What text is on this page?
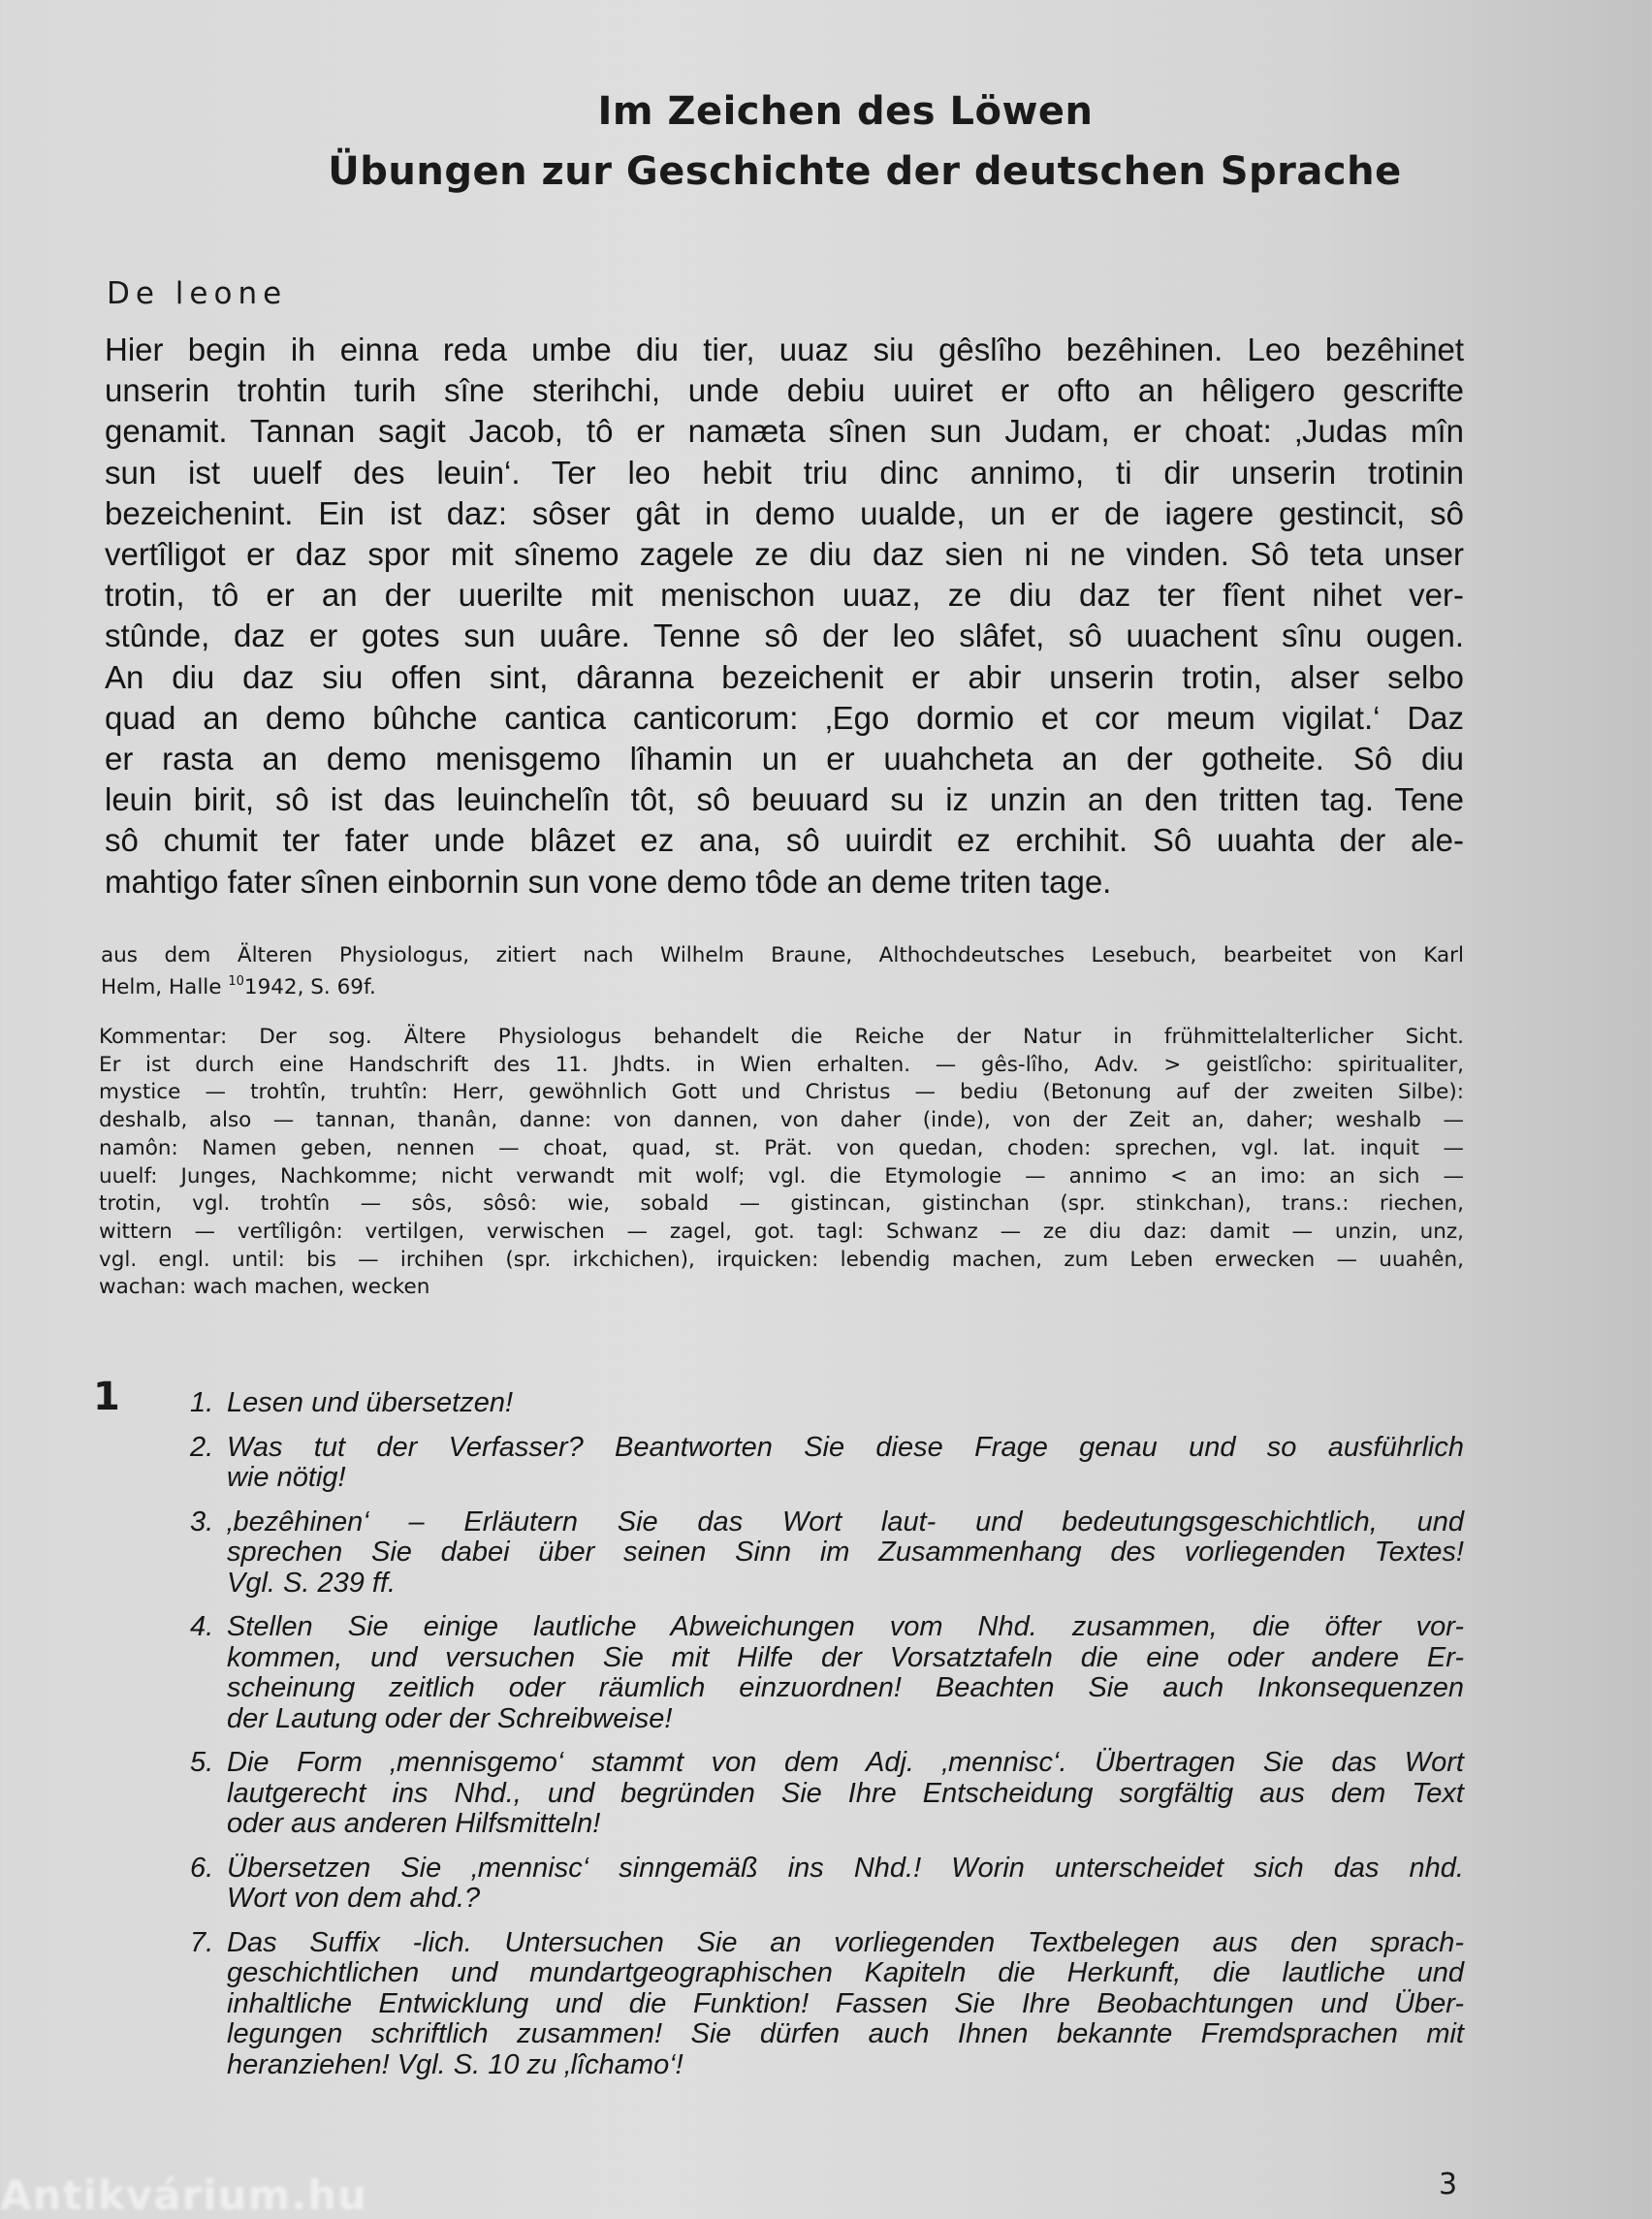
Im Zeichen des Löwen
Übungen zur Geschichte der deutschen Sprache
De leone
Hier begin ih einna reda umbe diu tier, uuaz siu gêslîho bezêhinen. Leo bezêhinet
unserin trohtin turih sîne sterihchi, unde debiu uuiret er ofto an hêligero gescrifte
genamit. Tannan sagit Jacob, tô er namæta sînen sun Judam, er choat: ‚Judas mîn
sun ist uuelf des leuin‘. Ter leo hebit triu dinc annimo, ti dir unserin trotinin
bezeichenint. Ein ist daz: sôser gât in demo uualde, un er de iagere gestincit, sô
vertîligot er daz spor mit sînemo zagele ze diu daz sien ni ne vinden. Sô teta unser
trotin, tô er an der uuerilte mit menischon uuaz, ze diu daz ter fîent nihet ver-
stûnde, daz er gotes sun uuâre. Tenne sô der leo slâfet, sô uuachent sînu ougen.
An diu daz siu offen sint, dâranna bezeichenit er abir unserin trotin, alser selbo
quad an demo bûhche cantica canticorum: ‚Ego dormio et cor meum vigilat.‘ Daz
er rasta an demo menisgemo lîhamin un er uuahcheta an der gotheite. Sô diu
leuin birit, sô ist das leuinchelîn tôt, sô beuuard su iz unzin an den tritten tag. Tene
sô chumit ter fater unde blâzet ez ana, sô uuirdit ez erchihit. Sô uuahta der ale-
mahtigo fater sînen einbornin sun vone demo tôde an deme triten tage.
aus dem Älteren Physiologus, zitiert nach Wilhelm Braune, Althochdeutsches Lesebuch, bearbeitet von Karl
Helm, Halle $^{10}$1942, S. 69f.
Kommentar: Der sog. Ältere Physiologus behandelt die Reiche der Natur in frühmittelalterlicher Sicht.
Er ist durch eine Handschrift des 11. Jhdts. in Wien erhalten. — gês-lîho, Adv. > geistlîcho: spiritualiter,
mystice — trohtîn, truhtîn: Herr, gewöhnlich Gott und Christus — bediu (Betonung auf der zweiten Silbe):
deshalb, also — tannan, thanân, danne: von dannen, von daher (inde), von der Zeit an, daher; weshalb —
namôn: Namen geben, nennen — choat, quad, st. Prät. von quedan, choden: sprechen, vgl. lat. inquit —
uuelf: Junges, Nachkomme; nicht verwandt mit wolf; vgl. die Etymologie — annimo < an imo: an sich —
trotin, vgl. trohtîn — sôs, sôsô: wie, sobald — gistincan, gistinchan (spr. stinkchan), trans.: riechen,
wittern — vertîligôn: vertilgen, verwischen — zagel, got. tagl: Schwanz — ze diu daz: damit — unzin, unz,
vgl. engl. until: bis — irchihen (spr. irkchichen), irquicken: lebendig machen, zum Leben erwecken — uuahên,
wachan: wach machen, wecken
1 1. Lesen und übersetzen!
2. Was tut der Verfasser? Beantworten Sie diese Frage genau und so ausführlich
wie nötig!
3. ‚bezêhinen‘ – Erläutern Sie das Wort laut- und bedeutungsgeschichtlich, und
sprechen Sie dabei über seinen Sinn im Zusammenhang des vorliegenden Textes!
Vgl. S. 239 ff.
4. Stellen Sie einige lautliche Abweichungen vom Nhd. zusammen, die öfter vor-
kommen, und versuchen Sie mit Hilfe der Vorsatztafeln die eine oder andere Er-
scheinung zeitlich oder räumlich einzuordnen! Beachten Sie auch Inkonsequenzen
der Lautung oder der Schreibweise!
5. Die Form ‚mennisgemo‘ stammt von dem Adj. ‚mennisc‘. Übertragen Sie das Wort
lautgerecht ins Nhd., und begründen Sie Ihre Entscheidung sorgfältig aus dem Text
oder aus anderen Hilfsmitteln!
6. Übersetzen Sie ‚mennisc‘ sinngemäß ins Nhd.! Worin unterscheidet sich das nhd.
Wort von dem ahd.?
7. Das Suffix -lich. Untersuchen Sie an vorliegenden Textbelegen aus den sprach-
geschichtlichen und mundartgeographischen Kapiteln die Herkunft, die lautliche und
inhaltliche Entwicklung und die Funktion! Fassen Sie Ihre Beobachtungen und Über-
legungen schriftlich zusammen! Sie dürfen auch Ihnen bekannte Fremdsprachen mit
heranziehen! Vgl. S. 10 zu ‚lîchamo‘!
Antikvárium.hu	3
